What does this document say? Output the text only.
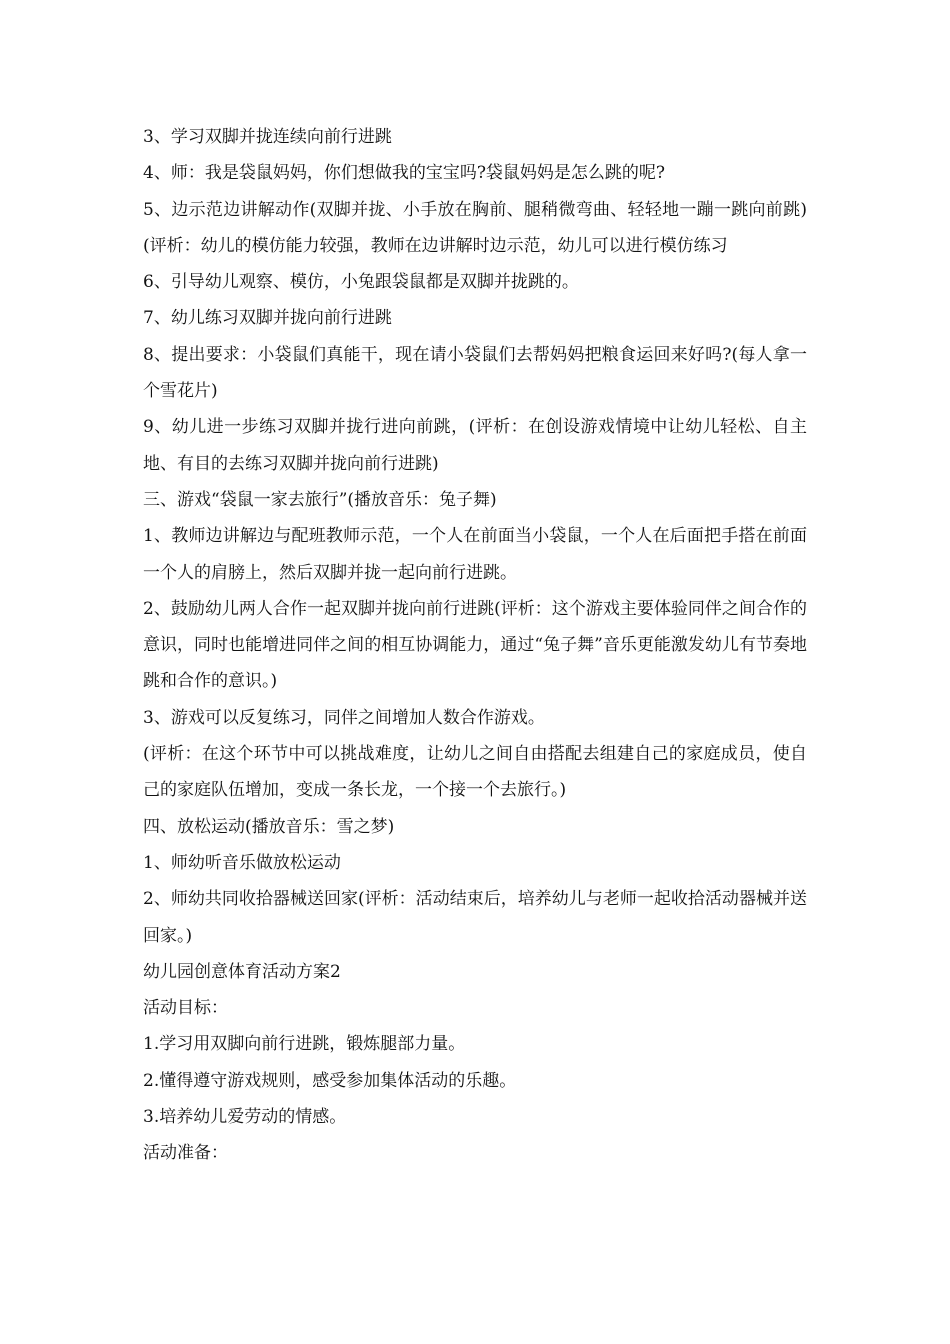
3、学习双脚并拢连续向前行进跳

4、师：我是袋鼠妈妈，你们想做我的宝宝吗?袋鼠妈妈是怎么跳的呢?

5、边示范边讲解动作(双脚并拢、小手放在胸前、腿稍微弯曲、轻轻地一蹦一跳向前跳)(评析：幼儿的模仿能力较强，教师在边讲解时边示范，幼儿可以进行模仿练习

6、引导幼儿观察、模仿，小兔跟袋鼠都是双脚并拢跳的。

7、幼儿练习双脚并拢向前行进跳

8、提出要求：小袋鼠们真能干，现在请小袋鼠们去帮妈妈把粮食运回来好吗?(每人拿一个雪花片)

9、幼儿进一步练习双脚并拢行进向前跳，(评析：在创设游戏情境中让幼儿轻松、自主地、有目的去练习双脚并拢向前行进跳)

三、游戏“袋鼠一家去旅行”(播放音乐：兔子舞)

1、教师边讲解边与配班教师示范，一个人在前面当小袋鼠，一个人在后面把手搭在前面一个人的肩膀上，然后双脚并拢一起向前行进跳。

2、鼓励幼儿两人合作一起双脚并拢向前行进跳(评析：这个游戏主要体验同伴之间合作的意识，同时也能增进同伴之间的相互协调能力，通过“兔子舞”音乐更能激发幼儿有节奏地跳和合作的意识。)

3、游戏可以反复练习，同伴之间增加人数合作游戏。

(评析：在这个环节中可以挑战难度，让幼儿之间自由搭配去组建自己的家庭成员，使自己的家庭队伍增加，变成一条长龙，一个接一个去旅行。)

四、放松运动(播放音乐：雪之梦)

1、师幼听音乐做放松运动

2、师幼共同收拾器械送回家(评析：活动结束后，培养幼儿与老师一起收拾活动器械并送回家。)

幼儿园创意体育活动方案2

活动目标：

1.学习用双脚向前行进跳，锻炼腿部力量。

2.懂得遵守游戏规则，感受参加集体活动的乐趣。

3.培养幼儿爱劳动的情感。

活动准备：
